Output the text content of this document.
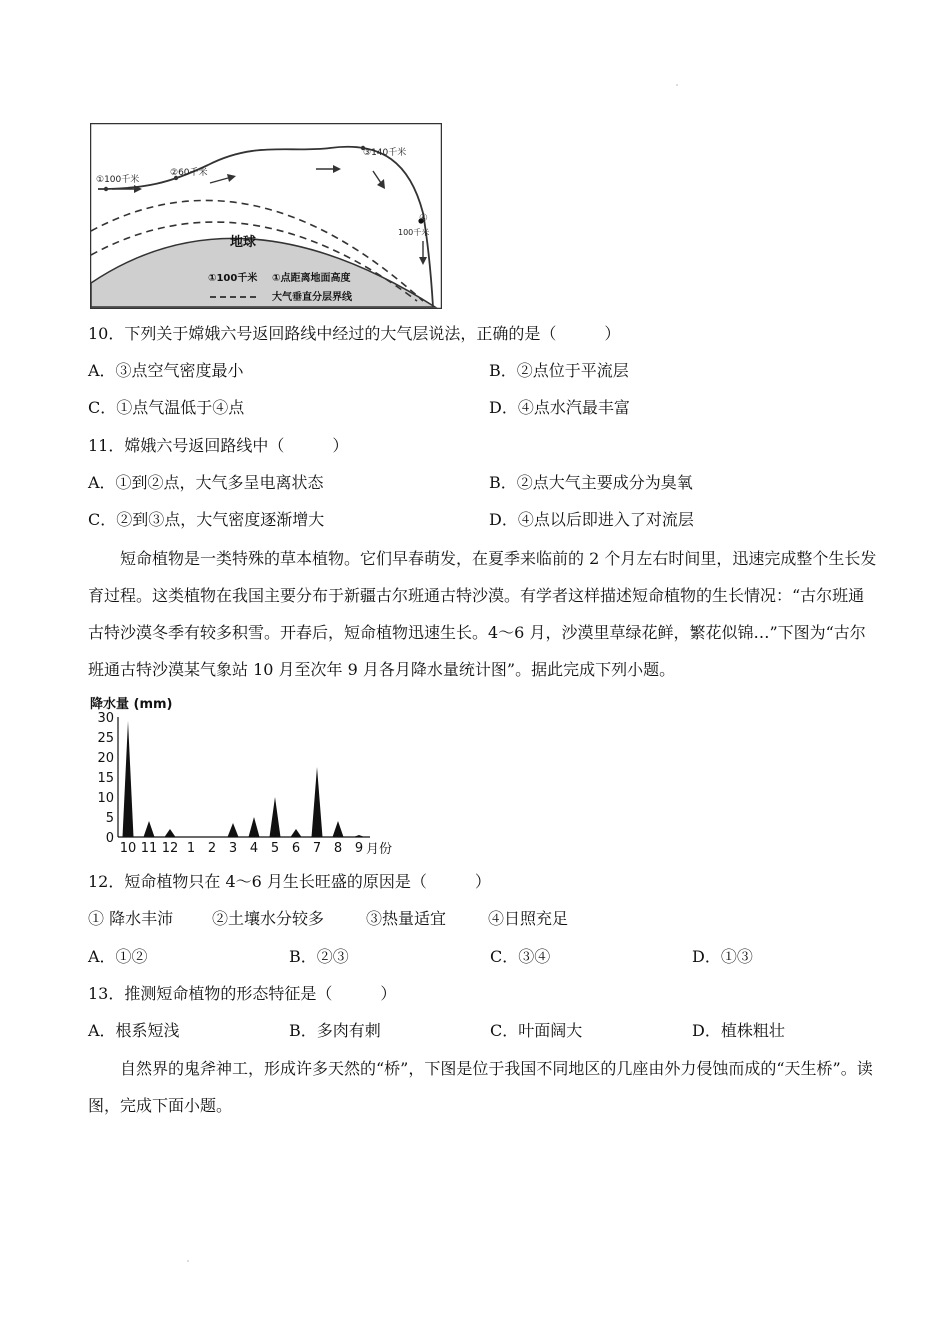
①100千米
②60千米
③140千米
④
100千米
地球
①100千米 ①点距离地面高度
大气垂直分层界线
10．下列关于嫦娥六号返回路线中经过的大气层说法，正确的是（　　　）
A．③点空气密度最小	B．②点位于平流层
C．①点气温低于④点	D．④点水汽最丰富
11．嫦娥六号返回路线中（　　　）
A．①到②点，大气多呈电离状态	B．②点大气主要成分为臭氧
C．②到③点，大气密度逐渐增大	D．④点以后即进入了对流层
短命植物是一类特殊的草本植物。它们早春萌发，在夏季来临前的 2 个月左右时间里，迅速完成整个生长发育过程。这类植物在我国主要分布于新疆古尔班通古特沙漠。有学者这样描述短命植物的生长情况：“古尔班通古特沙漠冬季有较多积雪。开春后，短命植物迅速生长。4～6 月，沙漠里草绿花鲜，繁花似锦…”下图为“古尔班通古特沙漠某气象站 10 月至次年 9 月各月降水量统计图”。据此完成下列小题。
降水量 (mm)
月份
0
5
10
15
20
25
30
10 11 12 1 2 3 4 5 6 7 8 9
12．短命植物只在 4～6 月生长旺盛的原因是（　　　）
① 降水丰沛 ②土壤水分较多	③热量适宜	④日照充足
A．①②	B．②③	C．③④	D．①③
13．推测短命植物的形态特征是（　　　）
A．根系短浅	B．多肉有刺	C．叶面阔大	D．植株粗壮
自然界的鬼斧神工，形成许多天然的“桥”，下图是位于我国不同地区的几座由外力侵蚀而成的“天生桥”。读图，完成下面小题。
